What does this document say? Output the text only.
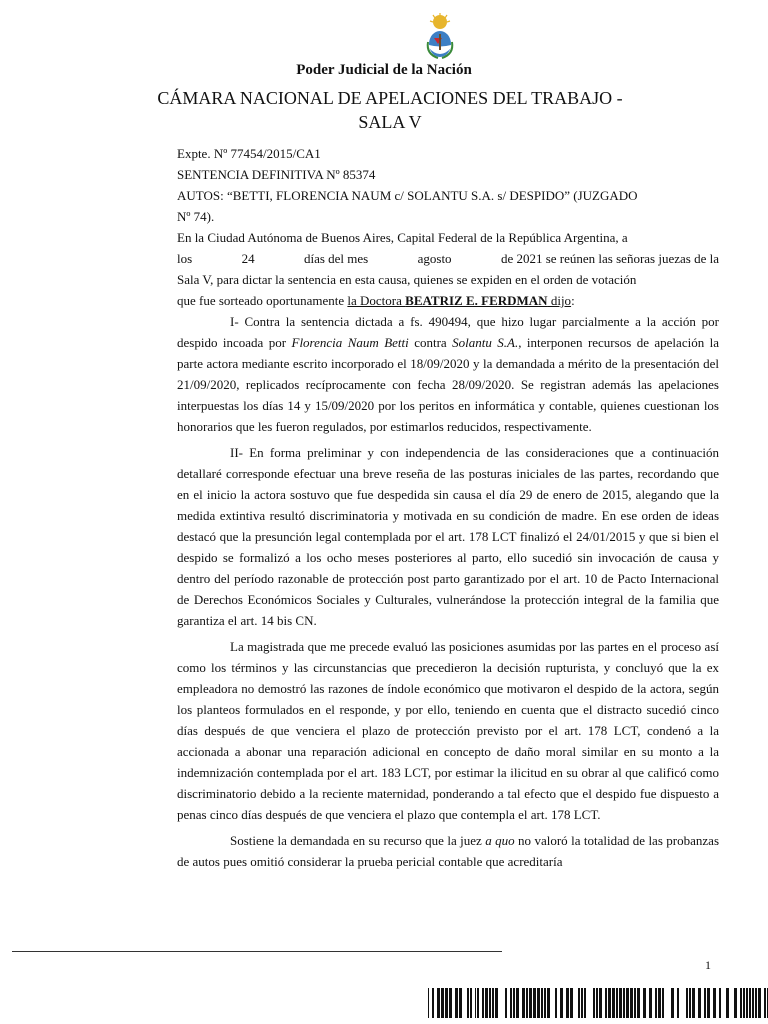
Poder Judicial de la Nación
CÁMARA NACIONAL DE APELACIONES DEL TRABAJO -
SALA V

Expte. Nº 77454/2015/CA1

SENTENCIA DEFINITIVA Nº 85374

AUTOS: “BETTI, FLORENCIA NAUM c/ SOLANTU S.A. s/ DESPIDO” (JUZGADO
Nº 74).

En la Ciudad Autónoma de Buenos Aires, Capital Federal de la República Argentina, a
los	24	días del mes	agosto	de 2021 se reúnen las señoras juezas de la
Sala V, para dictar la sentencia en esta causa, quienes se expiden en el orden de votación
que fue sorteado oportunamente la Doctora BEATRIZ E. FERDMAN dijo:

I- Contra la sentencia dictada a fs. 490494, que hizo lugar parcialmente a la acción por despido incoada por Florencia Naum Betti contra Solantu S.A., interponen recursos de apelación la parte actora mediante escrito incorporado el 18/09/2020 y la demandada a mérito de la presentación del 21/09/2020, replicados recíprocamente con fecha 28/09/2020. Se registran además las apelaciones interpuestas los días 14 y 15/09/2020 por los peritos en informática y contable, quienes cuestionan los honorarios que les fueron regulados, por estimarlos reducidos, respectivamente.

II- En forma preliminar y con independencia de las consideraciones que a continuación detallaré corresponde efectuar una breve reseña de las posturas iniciales de las partes, recordando que en el inicio la actora sostuvo que fue despedida sin causa el día 29 de enero de 2015, alegando que la medida extintiva resultó discriminatoria y motivada en su condición de madre. En ese orden de ideas destacó que la presunción legal contemplada por el art. 178 LCT finalizó el 24/01/2015 y que si bien el despido se formalizó a los ocho meses posteriores al parto, ello sucedió sin invocación de causa y dentro del período razonable de protección post parto garantizado por el art. 10 de Pacto Internacional de Derechos Económicos Sociales y Culturales, vulnerándose la protección integral de la familia que garantiza el art. 14 bis CN.

La magistrada que me precede evaluó las posiciones asumidas por las partes en el proceso así como los términos y las circunstancias que precedieron la decisión rupturista, y concluyó que la ex empleadora no demostró las razones de índole económico que motivaron el despido de la actora, según los planteos formulados en el responde, y por ello, teniendo en cuenta que el distracto sucedió cinco días después de que venciera el plazo de protección previsto por el art. 178 LCT, condenó a la accionada a abonar una reparación adicional en concepto de daño moral similar en su monto a la indemnización contemplada por el art. 183 LCT, por estimar la ilicitud en su obrar al que calificó como discriminatorio debido a la reciente maternidad, ponderando a tal efecto que el despido fue dispuesto a penas cinco días después de que venciera el plazo que contempla el art. 178 LCT.

Sostiene la demandada en su recurso que la juez a quo no valoró la totalidad de las probanzas de autos pues omitió considerar la prueba pericial contable que acreditaría

1
